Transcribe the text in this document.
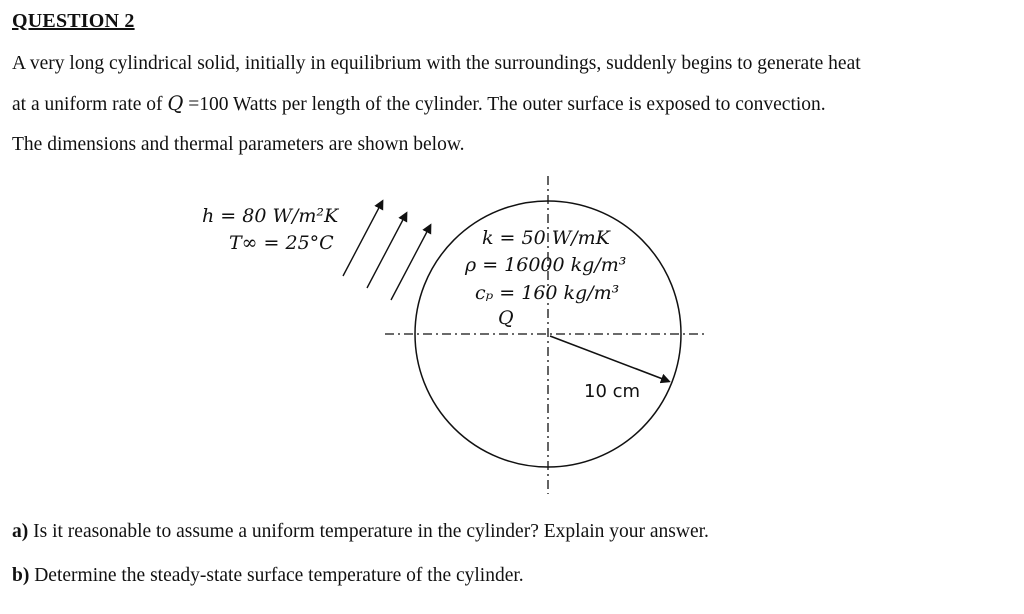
QUESTION 2
A very long cylindrical solid, initially in equilibrium with the surroundings, suddenly begins to generate heat
at a uniform rate of Q =100 Watts per length of the cylinder. The outer surface is exposed to convection.
The dimensions and thermal parameters are shown below.
h = 80 W/m²K
T∞ = 25°C	k = 50 W/mK
ρ = 16000 kg/m³
cₚ = 160 kg/m³
Q
10 cm
a) Is it reasonable to assume a uniform temperature in the cylinder? Explain your answer.
b) Determine the steady-state surface temperature of the cylinder.
